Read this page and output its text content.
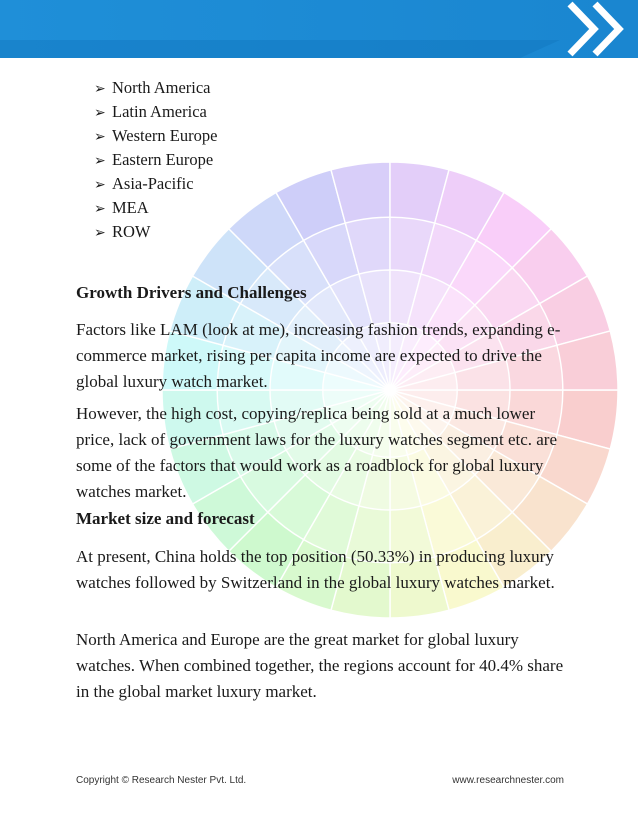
➢ North America
➢ Latin America
➢ Western Europe
➢ Eastern Europe
➢ Asia-Pacific
➢ MEA
➢ ROW
Growth Drivers and Challenges

Factors like LAM (look at me), increasing fashion trends, expanding e-commerce market, rising per capita income are expected to drive the global luxury watch market.

However, the high cost, copying/replica being sold at a much lower price, lack of government laws for the luxury watches segment etc. are some of the factors that would work as a roadblock for global luxury watches market.

Market size and forecast

At present, China holds the top position (50.33%) in producing luxury watches followed by Switzerland in the global luxury watches market.

North America and Europe are the great market for global luxury watches. When combined together, the regions account for 40.4% share in the global market luxury market.

Copyright © Research Nester Pvt. Ltd.	www.researchnester.com
